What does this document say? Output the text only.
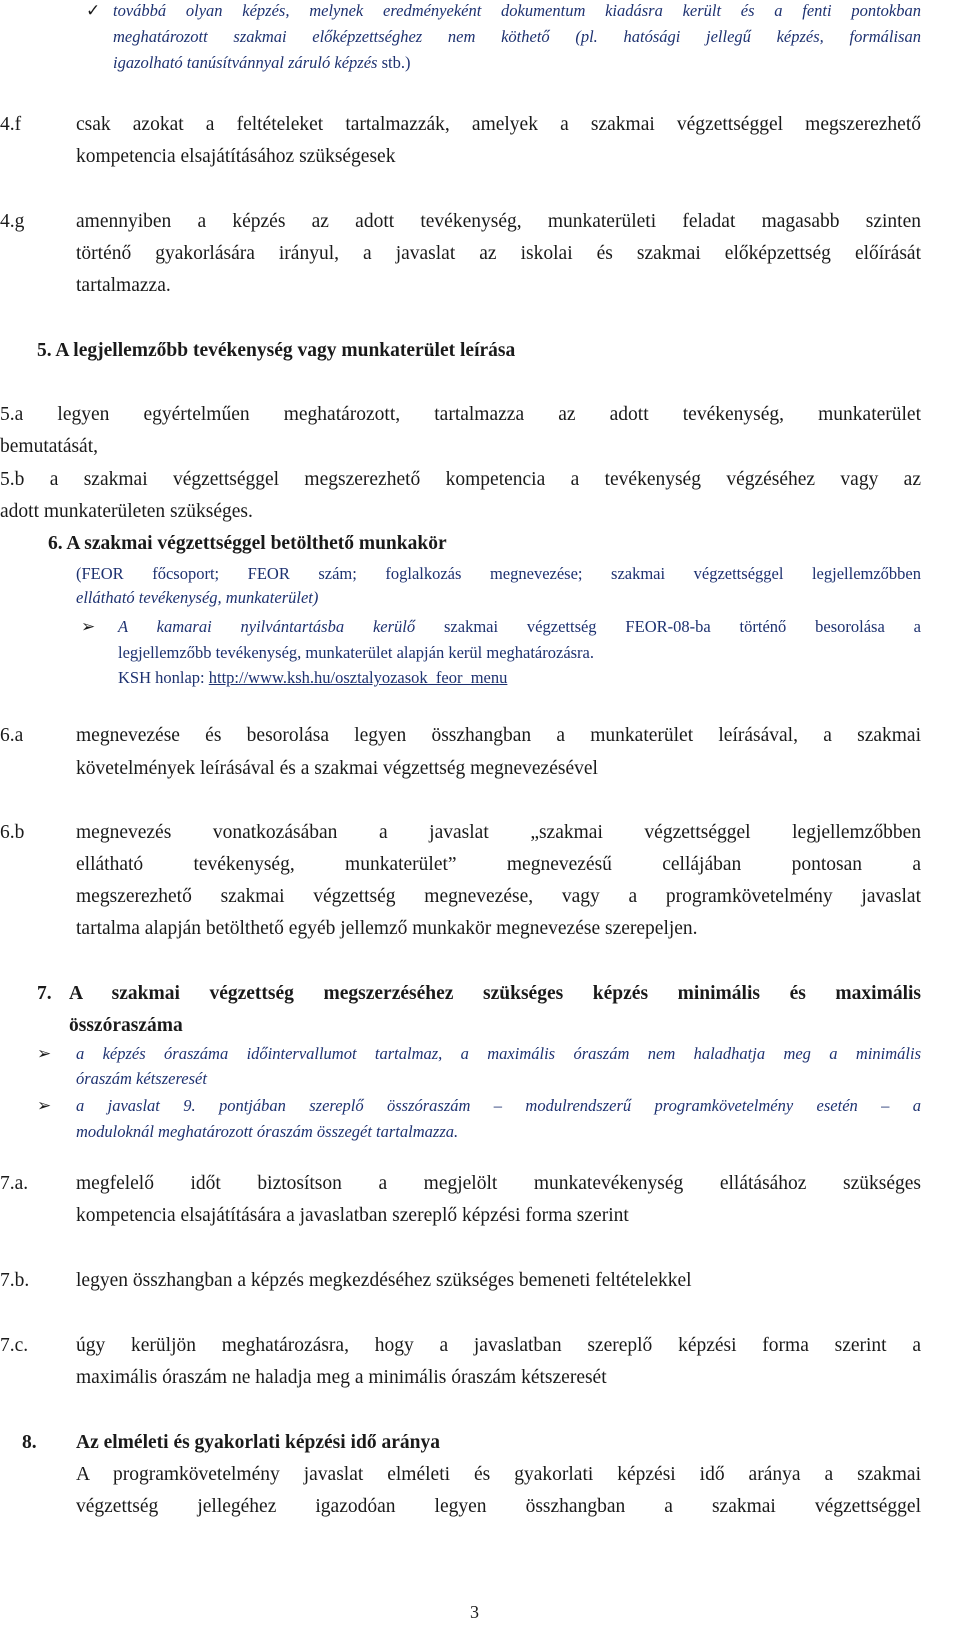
✓ továbbá olyan képzés, melynek eredményeként dokumentum kiadásra került és a fenti pontokban
meghatározott szakmai előképzettséghez nem köthető (pl. hatósági jellegű képzés, formálisan
igazolható tanúsítvánnyal záruló képzés stb.)
4.f	csak azokat a feltételeket tartalmazzák, amelyek a szakmai végzettséggel megszerezhető
kompetencia elsajátításához szükségesek
4.g	amennyiben a képzés az adott tevékenység, munkaterületi feladat magasabb szinten
történő gyakorlására irányul, a javaslat az iskolai és szakmai előképzettség előírását
tartalmazza.
5. A legjellemzőbb tevékenység vagy munkaterület leírása
5.a legyen egyértelműen meghatározott, tartalmazza az adott tevékenység, munkaterület
bemutatását,
5.b a szakmai végzettséggel megszerezhető kompetencia a tevékenység végzéséhez vagy az
adott munkaterületen szükséges.
6. A szakmai végzettséggel betölthető munkakör
(FEOR főcsoport; FEOR szám; foglalkozás megnevezése; szakmai végzettséggel legjellemzőbben
ellátható tevékenység, munkaterület)
➢ A kamarai nyilvántartásba kerülő szakmai végzettség FEOR-08-ba történő besorolása a
legjellemzőbb tevékenység, munkaterület alapján kerül meghatározásra.
KSH honlap: http://www.ksh.hu/osztalyozasok_feor_menu
6.a	megnevezése és besorolása legyen összhangban a munkaterület leírásával, a szakmai
követelmények leírásával és a szakmai végzettség megnevezésével
6.b	megnevezés vonatkozásában a javaslat „szakmai végzettséggel legjellemzőbben
ellátható tevékenység, munkaterület” megnevezésű cellájában pontosan a
megszerezhető szakmai végzettség megnevezése, vagy a programkövetelmény javaslat
tartalma alapján betölthető egyéb jellemző munkakör megnevezése szerepeljen.
7. A szakmai végzettség megszerzéséhez szükséges képzés minimális és maximális
összóraszáma
➢ a képzés óraszáma időintervallumot tartalmaz, a maximális óraszám nem haladhatja meg a minimális
óraszám kétszeresét
➢ a javaslat 9. pontjában szereplő összóraszám – modulrendszerű programkövetelmény esetén – a
moduloknál meghatározott óraszám összegét tartalmazza.
7.a. megfelelő időt biztosítson a megjelölt munkatevékenység ellátásához szükséges
kompetencia elsajátítására a javaslatban szereplő képzési forma szerint
7.b. legyen összhangban a képzés megkezdéséhez szükséges bemeneti feltételekkel
7.c. úgy kerüljön meghatározásra, hogy a javaslatban szereplő képzési forma szerint a
maximális óraszám ne haladja meg a minimális óraszám kétszeresét
8. Az elméleti és gyakorlati képzési idő aránya
A programkövetelmény javaslat elméleti és gyakorlati képzési idő aránya a szakmai
végzettség jellegéhez igazodóan legyen összhangban a szakmai végzettséggel
3
